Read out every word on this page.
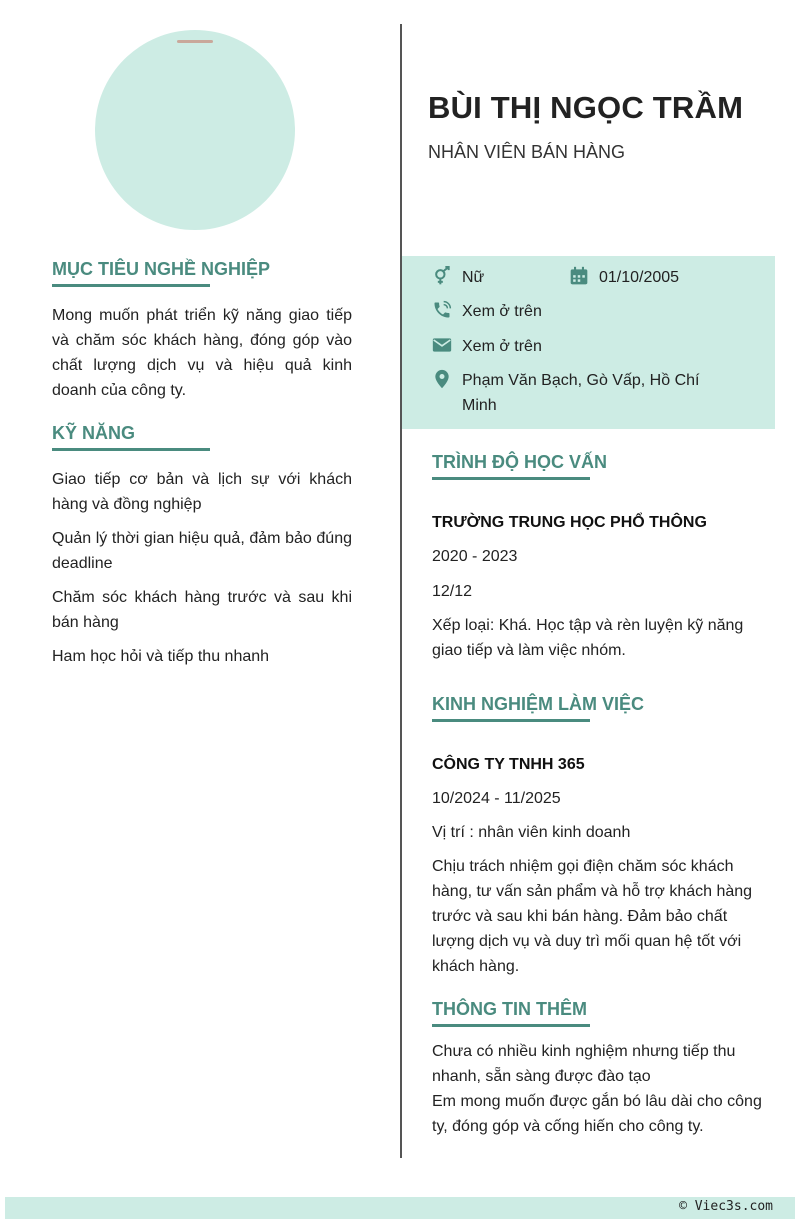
MỤC TIÊU NGHỀ NGHIỆP
Mong muốn phát triển kỹ năng giao tiếp và chăm sóc khách hàng, đóng góp vào chất lượng dịch vụ và hiệu quả kinh doanh của công ty.
KỸ NĂNG
Giao tiếp cơ bản và lịch sự với khách hàng và đồng nghiệp
Quản lý thời gian hiệu quả, đảm bảo đúng deadline
Chăm sóc khách hàng trước và sau khi bán hàng
Ham học hỏi và tiếp thu nhanh
BÙI THỊ NGỌC TRẦM
NHÂN VIÊN BÁN HÀNG
Nữ	01/10/2005
Xem ở trên
Xem ở trên
Phạm Văn Bạch, Gò Vấp, Hồ Chí Minh
TRÌNH ĐỘ HỌC VẤN
TRƯỜNG TRUNG HỌC PHỔ THÔNG
2020 - 2023
12/12
Xếp loại: Khá. Học tập và rèn luyện kỹ năng giao tiếp và làm việc nhóm.
KINH NGHIỆM LÀM VIỆC
CÔNG TY TNHH 365
10/2024 - 11/2025
Vị trí : nhân viên kinh doanh
Chịu trách nhiệm gọi điện chăm sóc khách hàng, tư vấn sản phẩm và hỗ trợ khách hàng trước và sau khi bán hàng. Đảm bảo chất lượng dịch vụ và duy trì mối quan hệ tốt với khách hàng.
THÔNG TIN THÊM
Chưa có nhiều kinh nghiệm nhưng tiếp thu nhanh, sẵn sàng được đào tạo
Em mong muốn được gắn bó lâu dài cho công ty, đóng góp và cống hiến cho công ty.
© Viec3s.com
